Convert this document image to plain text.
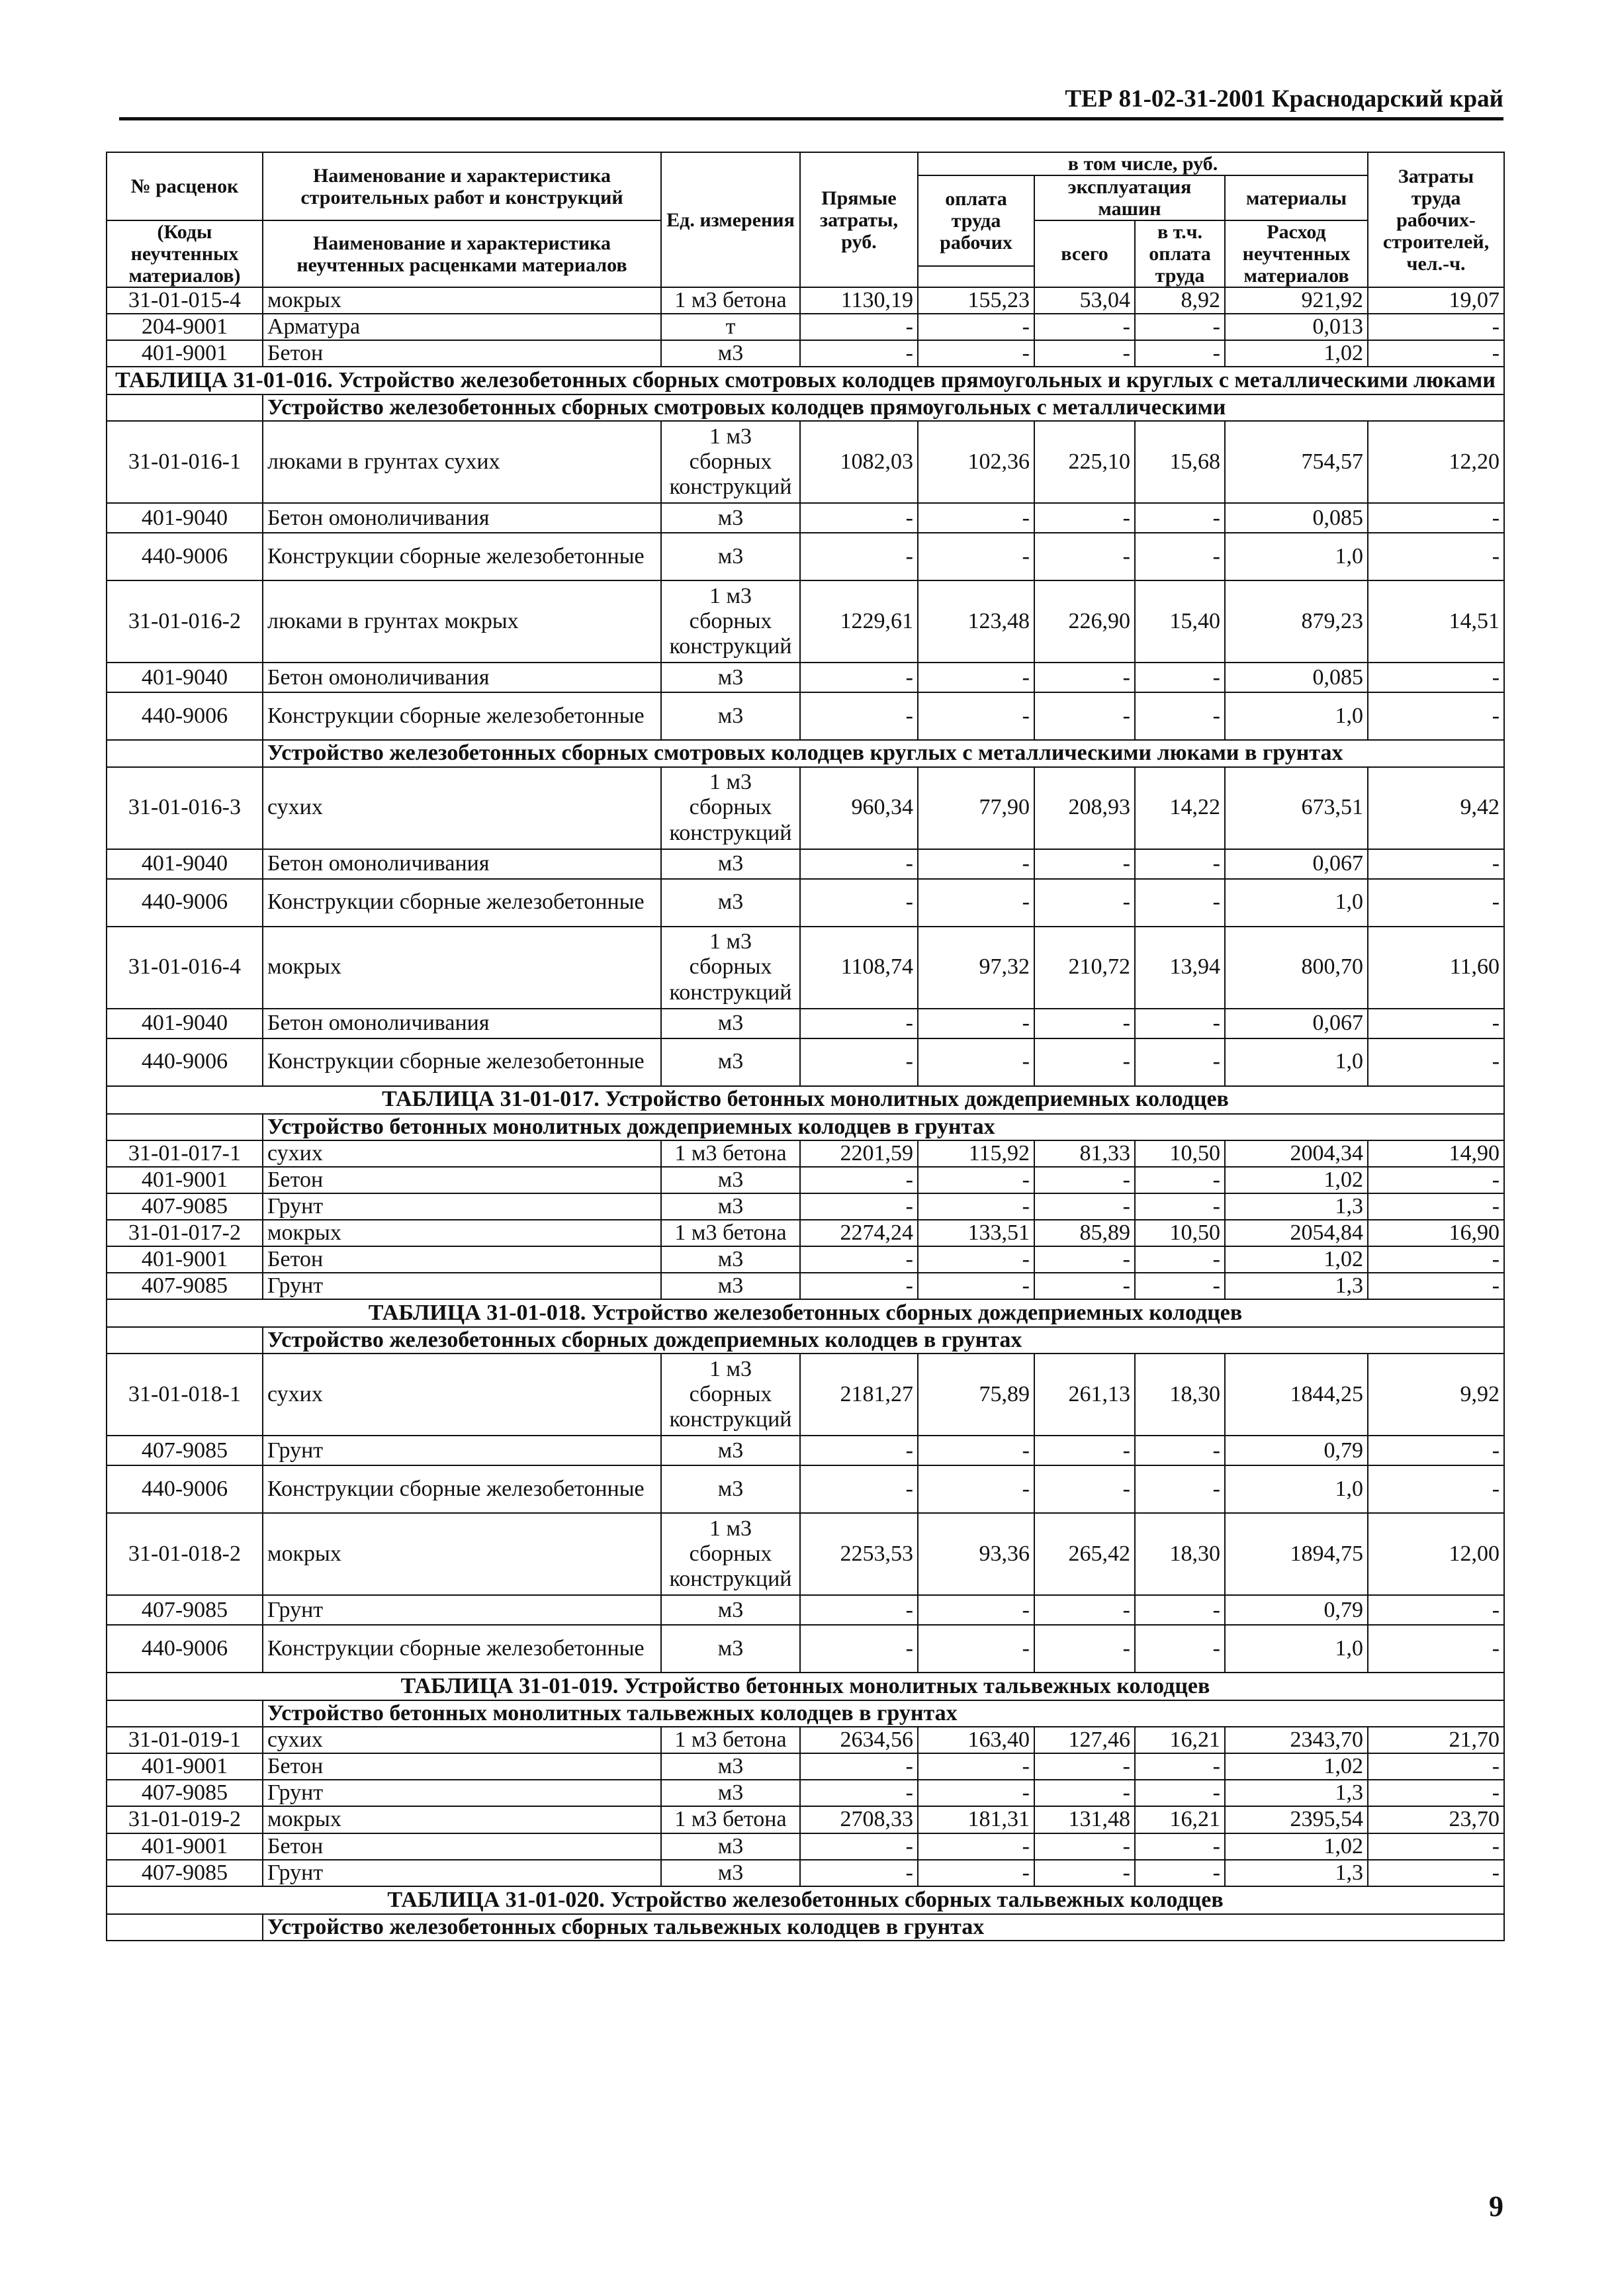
ТЕР 81-02-31-2001 Краснодарский край
№ расценок	Наименование и характеристика строительных работ и конструкций	Ед. измерения	Прямые затраты, руб.	в том числе, руб.				Затраты труда рабочих-строителей, чел.-ч.
				оплата труда рабочих	эксплуатация машин		материалы	

(Коды неучтенных материалов)	Наименование и характеристика неучтенных расценками материалов				всего	в т.ч. оплата труда	Расход неучтенных материалов	

31-01-015-4	мокрых	1 м3 бетона	1130,19	155,23	53,04	8,92	921,92	19,07
204-9001	Арматура	т	-	-	-	-	0,013	-
401-9001	Бетон	м3	-	-	-	-	1,02	-
ТАБЛИЦА 31-01-016. Устройство железобетонных сборных смотровых колодцев прямоугольных и круглых с металлическими люками								
	Устройство железобетонных сборных смотровых колодцев прямоугольных с металлическими							
31-01-016-1	люками в грунтах сухих	1 м3 сборных конструкций	1082,03	102,36	225,10	15,68	754,57	12,20
401-9040	Бетон омоноличивания	м3	-	-	-	-	0,085	-
440-9006	Конструкции сборные железобетонные	м3	-	-	-	-	1,0	-
31-01-016-2	люками в грунтах мокрых	1 м3 сборных конструкций	1229,61	123,48	226,90	15,40	879,23	14,51
401-9040	Бетон омоноличивания	м3	-	-	-	-	0,085	-
440-9006	Конструкции сборные железобетонные	м3	-	-	-	-	1,0	-
	Устройство железобетонных сборных смотровых колодцев круглых с металлическими люками в грунтах							
31-01-016-3	сухих	1 м3 сборных конструкций	960,34	77,90	208,93	14,22	673,51	9,42
401-9040	Бетон омоноличивания	м3	-	-	-	-	0,067	-
440-9006	Конструкции сборные железобетонные	м3	-	-	-	-	1,0	-
31-01-016-4	мокрых	1 м3 сборных конструкций	1108,74	97,32	210,72	13,94	800,70	11,60
401-9040	Бетон омоноличивания	м3	-	-	-	-	0,067	-
440-9006	Конструкции сборные железобетонные	м3	-	-	-	-	1,0	-
ТАБЛИЦА 31-01-017. Устройство бетонных монолитных дождеприемных колодцев								
	Устройство бетонных монолитных дождеприемных колодцев в грунтах							
31-01-017-1	сухих	1 м3 бетона	2201,59	115,92	81,33	10,50	2004,34	14,90
401-9001	Бетон	м3	-	-	-	-	1,02	-
407-9085	Грунт	м3	-	-	-	-	1,3	-
31-01-017-2	мокрых	1 м3 бетона	2274,24	133,51	85,89	10,50	2054,84	16,90
401-9001	Бетон	м3	-	-	-	-	1,02	-
407-9085	Грунт	м3	-	-	-	-	1,3	-
ТАБЛИЦА 31-01-018. Устройство железобетонных сборных дождеприемных колодцев								
	Устройство железобетонных сборных дождеприемных колодцев в грунтах							
31-01-018-1	сухих	1 м3 сборных конструкций	2181,27	75,89	261,13	18,30	1844,25	9,92
407-9085	Грунт	м3	-	-	-	-	0,79	-
440-9006	Конструкции сборные железобетонные	м3	-	-	-	-	1,0	-
31-01-018-2	мокрых	1 м3 сборных конструкций	2253,53	93,36	265,42	18,30	1894,75	12,00
407-9085	Грунт	м3	-	-	-	-	0,79	-
440-9006	Конструкции сборные железобетонные	м3	-	-	-	-	1,0	-
ТАБЛИЦА 31-01-019. Устройство бетонных монолитных тальвежных колодцев								
	Устройство бетонных монолитных тальвежных колодцев в грунтах							
31-01-019-1	сухих	1 м3 бетона	2634,56	163,40	127,46	16,21	2343,70	21,70
401-9001	Бетон	м3	-	-	-	-	1,02	-
407-9085	Грунт	м3	-	-	-	-	1,3	-
31-01-019-2	мокрых	1 м3 бетона	2708,33	181,31	131,48	16,21	2395,54	23,70
401-9001	Бетон	м3	-	-	-	-	1,02	-
407-9085	Грунт	м3	-	-	-	-	1,3	-
ТАБЛИЦА 31-01-020. Устройство железобетонных сборных тальвежных колодцев								
	Устройство железобетонных сборных тальвежных колодцев в грунтах							
9
